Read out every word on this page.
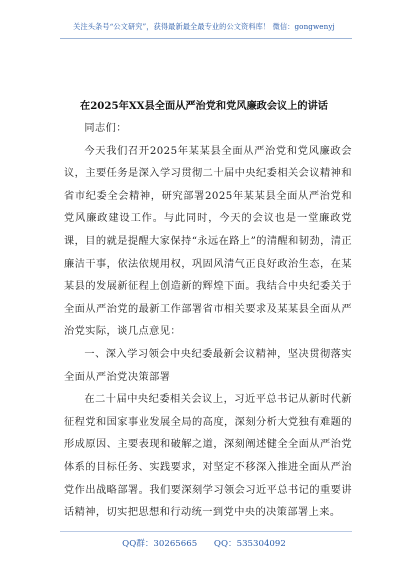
关注头条号“公文研究”，获得最新最全最专业的公文资料库！ 微信：gongwenyj
在2025年XX县全面从严治党和党风廉政会议上的讲话

同志们：

今天我们召开2025年某某县全面从严治党和党风廉政会议，主要任务是深入学习贯彻二十届中央纪委相关会议精神和省市纪委全会精神，研究部署2025年某某县全面从严治党和党风廉政建设工作。与此同时，今天的会议也是一堂廉政党课，目的就是提醒大家保持“永远在路上”的清醒和韧劲，清正廉洁干事，依法依规用权，巩固风清气正良好政治生态，在某某县的发展新征程上创造新的辉煌下面。我结合中央纪委关于全面从严治党的最新工作部署省市相关要求及某某县全面从严治党实际，谈几点意见：

一、深入学习领会中央纪委最新会议精神，坚决贯彻落实全面从严治党决策部署

在二十届中央纪委相关会议上，习近平总书记从新时代新征程党和国家事业发展全局的高度，深刻分析大党独有难题的形成原因、主要表现和破解之道，深刻阐述健全全面从严治党体系的目标任务、实践要求，对坚定不移深入推进全面从严治党作出战略部署。我们要深刻学习领会习近平总书记的重要讲话精神，切实把思想和行动统一到党中央的决策部署上来。

QQ群：30265665 QQ：535304092
